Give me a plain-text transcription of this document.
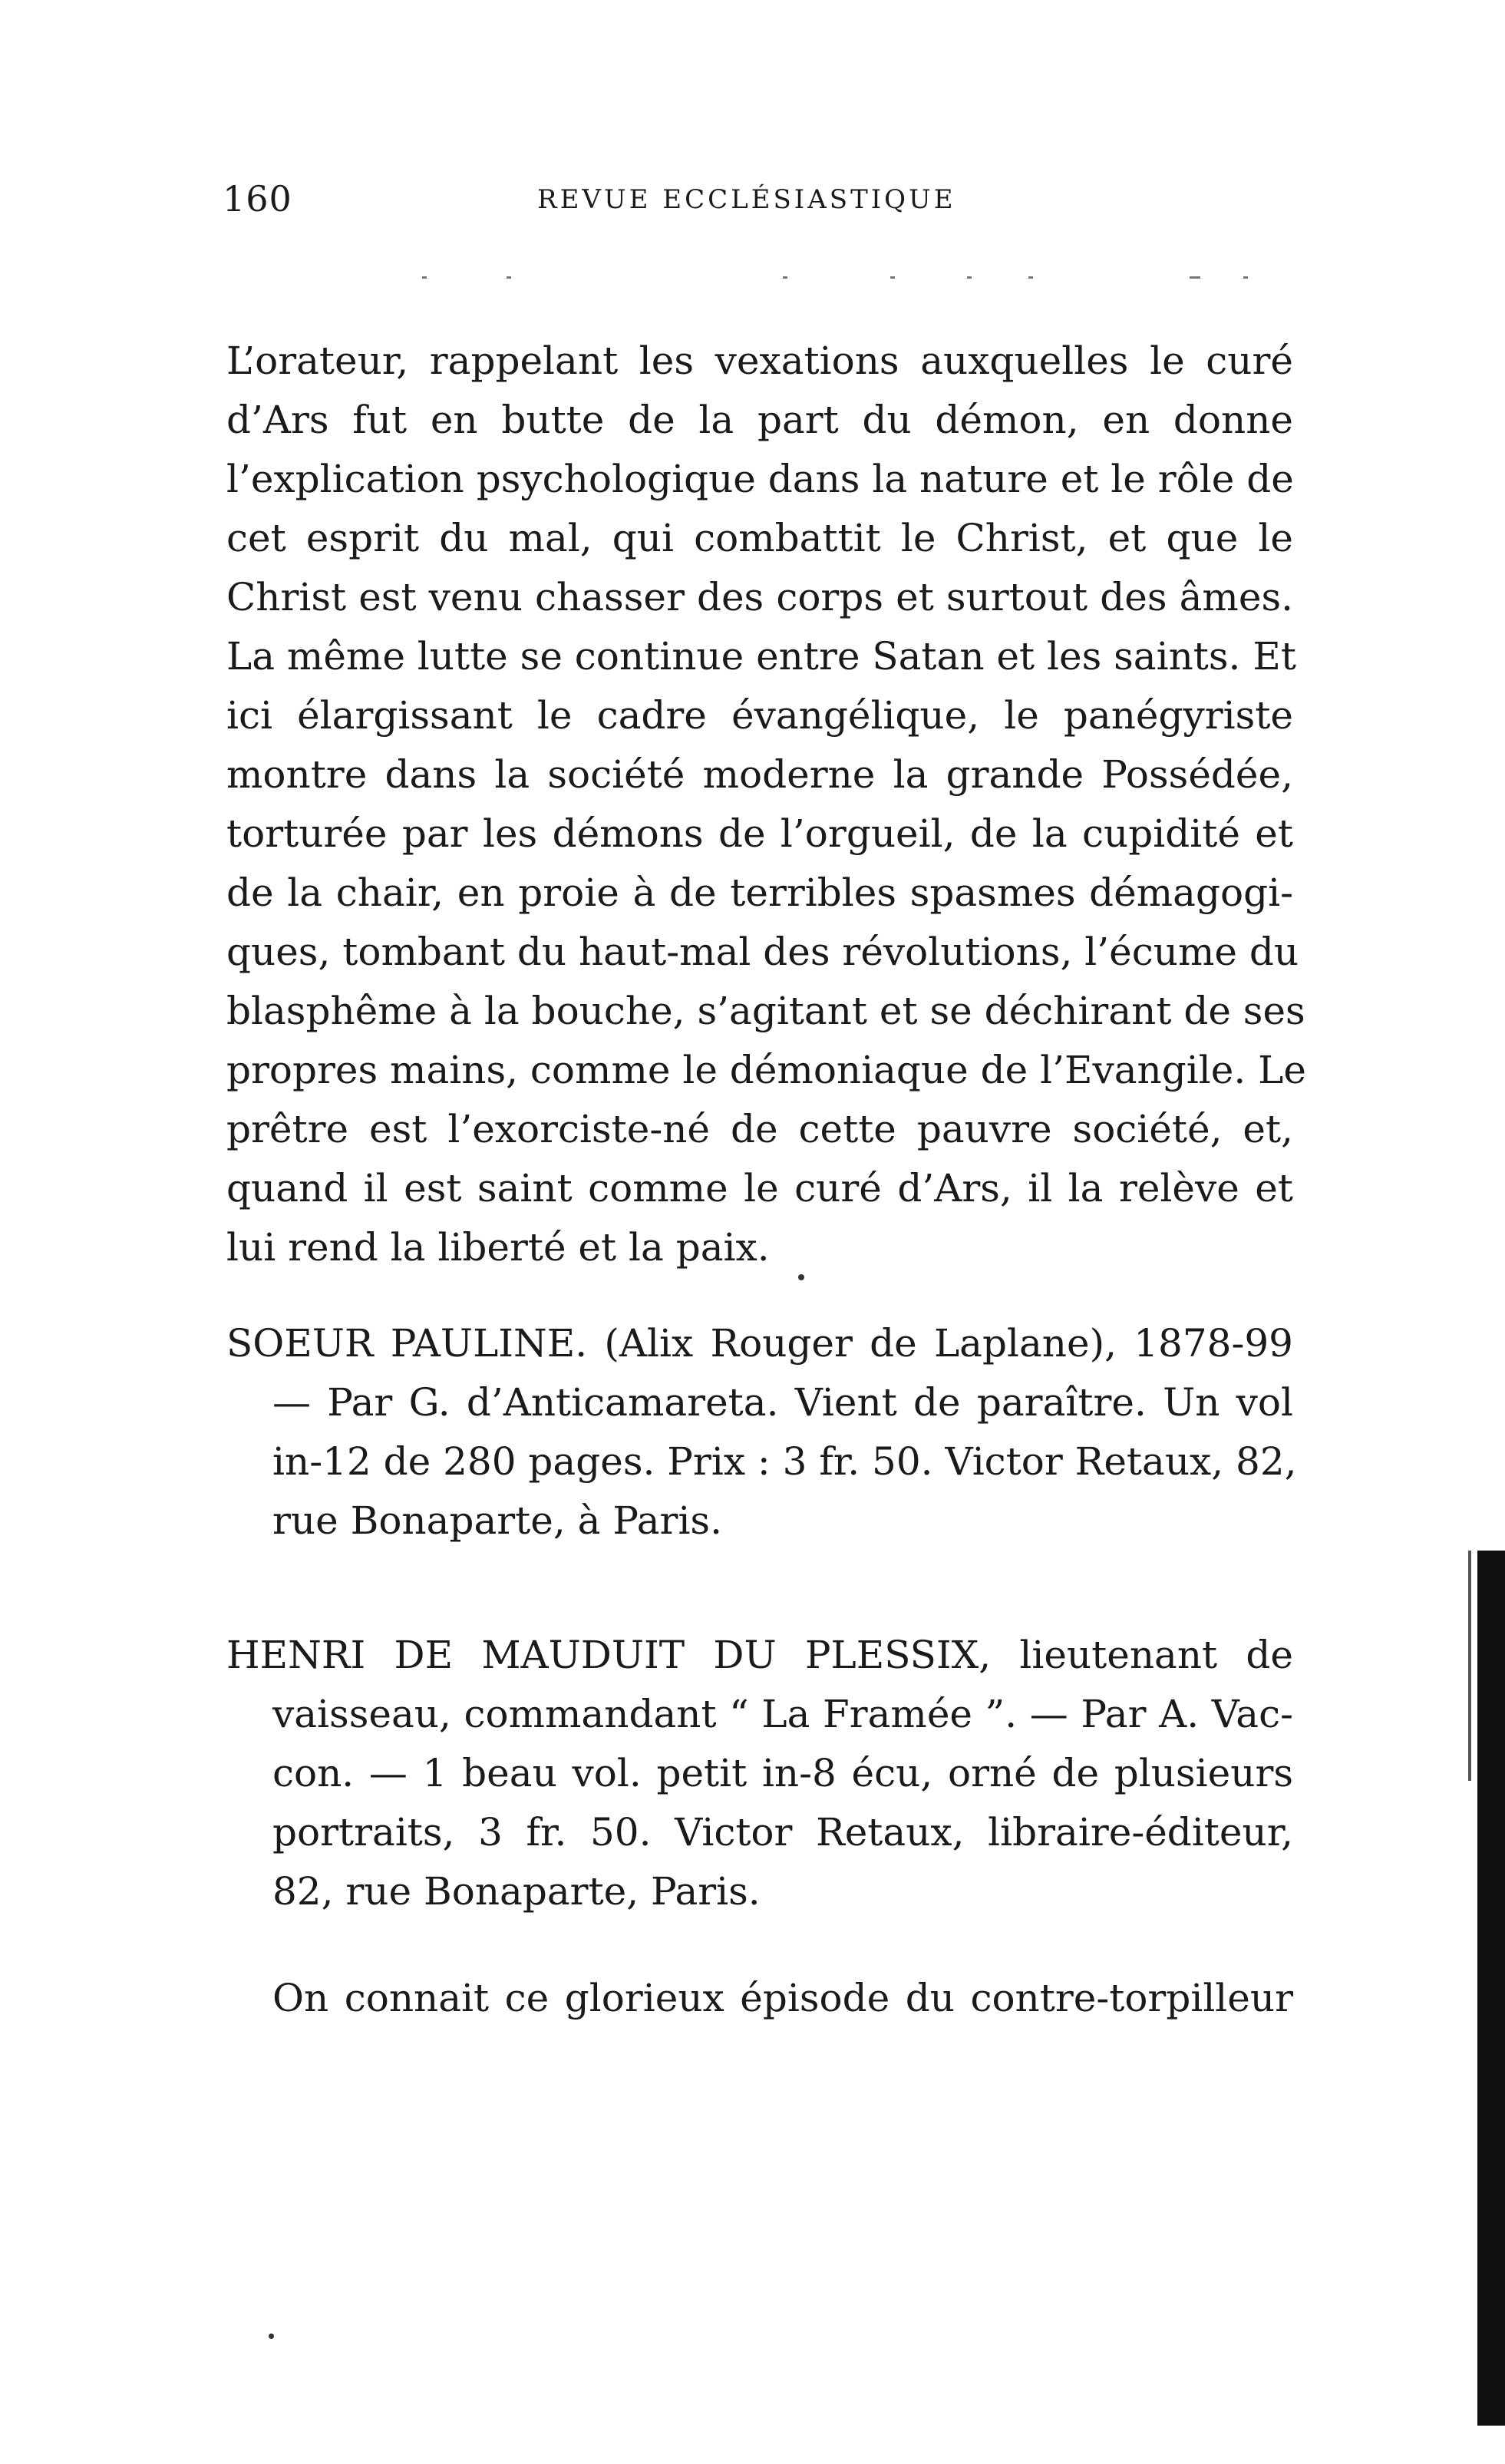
160	REVUE ECCLÉSIASTIQUE
L’orateur, rappelant les vexations auxquelles le curé
d’Ars fut en butte de la part du démon, en donne
l’explication psychologique dans la nature et le rôle de
cet esprit du mal, qui combattit le Christ, et que le
Christ est venu chasser des corps et surtout des âmes.
La même lutte se continue entre Satan et les saints. Et
ici élargissant le cadre évangélique, le panégyriste
montre dans la société moderne la grande Possédée,
torturée par les démons de l’orgueil, de la cupidité et
de la chair, en proie à de terribles spasmes démagogi-
ques, tombant du haut-mal des révolutions, l’écume du
blasphême à la bouche, s’agitant et se déchirant de ses
propres mains, comme le démoniaque de l’Evangile. Le
prêtre est l’exorciste-né de cette pauvre société, et,
quand il est saint comme le curé d’Ars, il la relève et
lui rend la liberté et la paix.
SOEUR PAULINE. (Alix Rouger de Laplane), 1878-99
— Par G. d’Anticamareta. Vient de paraître. Un vol
in-12 de 280 pages. Prix : 3 fr. 50. Victor Retaux, 82,
rue Bonaparte, à Paris.
HENRI DE MAUDUIT DU PLESSIX, lieutenant de
vaisseau, commandant “ La Framée ”. — Par A. Vac-
con. — 1 beau vol. petit in-8 écu, orné de plusieurs
portraits, 3 fr. 50. Victor Retaux, libraire-éditeur,
82, rue Bonaparte, Paris.
On connait ce glorieux épisode du contre-torpilleur
